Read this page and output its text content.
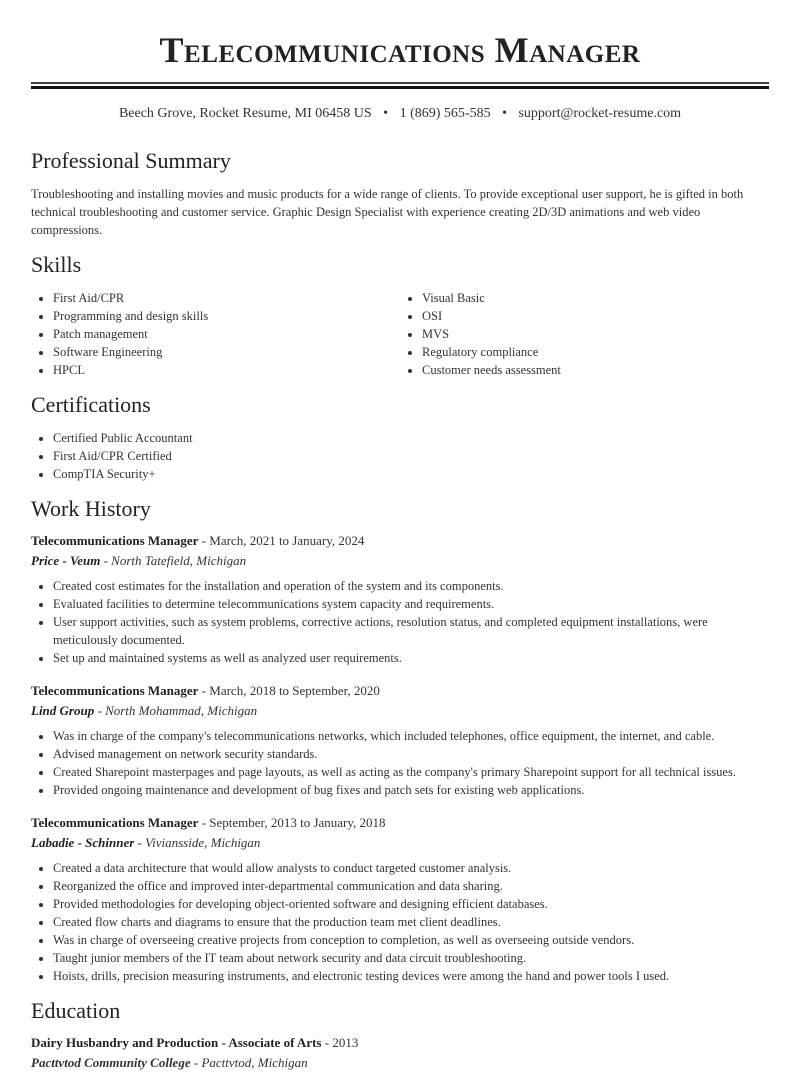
Telecommunications Manager
Beech Grove, Rocket Resume, MI 06458 US • 1 (869) 565-585 • support@rocket-resume.com
Professional Summary
Troubleshooting and installing movies and music products for a wide range of clients. To provide exceptional user support, he is gifted in both technical troubleshooting and customer service. Graphic Design Specialist with experience creating 2D/3D animations and web video compressions.
Skills
• First Aid/CPR
• Programming and design skills
• Patch management
• Software Engineering
• HPCL
• Visual Basic
• OSI
• MVS
• Regulatory compliance
• Customer needs assessment
Certifications
• Certified Public Accountant
• First Aid/CPR Certified
• CompTIA Security+
Work History
Telecommunications Manager - March, 2021 to January, 2024
Price - Veum - North Tatefield, Michigan
• Created cost estimates for the installation and operation of the system and its components.
• Evaluated facilities to determine telecommunications system capacity and requirements.
• User support activities, such as system problems, corrective actions, resolution status, and completed equipment installations, were meticulously documented.
• Set up and maintained systems as well as analyzed user requirements.
Telecommunications Manager - March, 2018 to September, 2020
Lind Group - North Mohammad, Michigan
• Was in charge of the company's telecommunications networks, which included telephones, office equipment, the internet, and cable.
• Advised management on network security standards.
• Created Sharepoint masterpages and page layouts, as well as acting as the company's primary Sharepoint support for all technical issues.
• Provided ongoing maintenance and development of bug fixes and patch sets for existing web applications.
Telecommunications Manager - September, 2013 to January, 2018
Labadie - Schinner - Viviansside, Michigan
• Created a data architecture that would allow analysts to conduct targeted customer analysis.
• Reorganized the office and improved inter-departmental communication and data sharing.
• Provided methodologies for developing object-oriented software and designing efficient databases.
• Created flow charts and diagrams to ensure that the production team met client deadlines.
• Was in charge of overseeing creative projects from conception to completion, as well as overseeing outside vendors.
• Taught junior members of the IT team about network security and data circuit troubleshooting.
• Hoists, drills, precision measuring instruments, and electronic testing devices were among the hand and power tools I used.
Education
Dairy Husbandry and Production - Associate of Arts - 2013
Pacttvtod Community College - Pacttvtod, Michigan
